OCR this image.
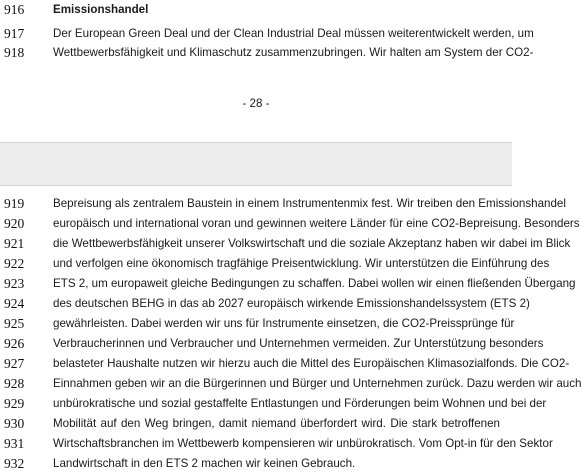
916	Emissionshandel
917	Der European Green Deal und der Clean Industrial Deal müssen weiterentwickelt werden, um
918	Wettbewerbsfähigkeit und Klimaschutz zusammenzubringen. Wir halten am System der CO2-
- 28 -
919	Bepreisung als zentralem Baustein in einem Instrumentenmix fest. Wir treiben den Emissionshandel
920	europäisch und international voran und gewinnen weitere Länder für eine CO2-Bepreisung. Besonders
921	die Wettbewerbsfähigkeit unserer Volkswirtschaft und die soziale Akzeptanz haben wir dabei im Blick
922	und verfolgen eine ökonomisch tragfähige Preisentwicklung. Wir unterstützen die Einführung des
923	ETS 2, um europaweit gleiche Bedingungen zu schaffen. Dabei wollen wir einen fließenden Übergang
924	des deutschen BEHG in das ab 2027 europäisch wirkende Emissionshandelssystem (ETS 2)
925	gewährleisten. Dabei werden wir uns für Instrumente einsetzen, die CO2-Preissprünge für
926	Verbraucherinnen und Verbraucher und Unternehmen vermeiden. Zur Unterstützung besonders
927	belasteter Haushalte nutzen wir hierzu auch die Mittel des Europäischen Klimasozialfonds. Die CO2-
928	Einnahmen geben wir an die Bürgerinnen und Bürger und Unternehmen zurück. Dazu werden wir auch
929	unbürokratische und sozial gestaffelte Entlastungen und Förderungen beim Wohnen und bei der
930	Mobilität auf den Weg bringen, damit niemand überfordert wird. Die stark betroffenen
931	Wirtschaftsbranchen im Wettbewerb kompensieren wir unbürokratisch. Vom Opt-in für den Sektor
932	Landwirtschaft in den ETS 2 machen wir keinen Gebrauch.
